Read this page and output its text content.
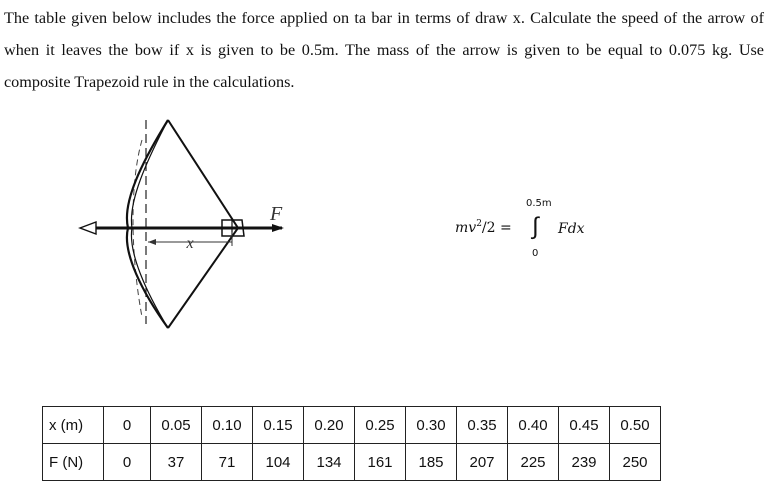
The table given below includes the force applied on ta bar in terms of draw x. Calculate the speed of the arrow of when it leaves the bow if x is given to be 0.5m. The mass of the arrow is given to be equal to 0.075 kg. Use composite Trapezoid rule in the calculations.

F
x
$mv^2/2$ =
0.5m
∫
0
Fdx
x (m)	0	0.05	0.10	0.15	0.20	0.25	0.30	0.35	0.40	0.45	0.50
F (N)	0	37	71	104	134	161	185	207	225	239	250
